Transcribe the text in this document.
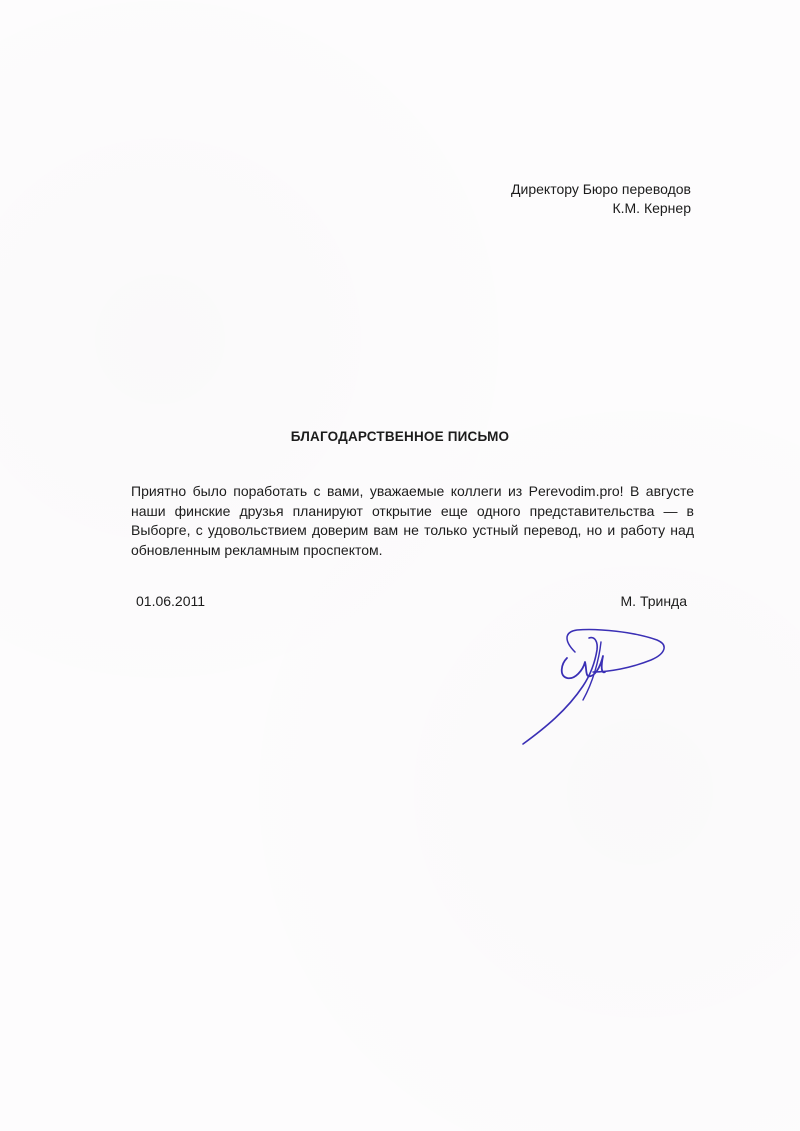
Директору Бюро переводов
К.М. Кернер
БЛАГОДАРСТВЕННОЕ ПИСЬМО
Приятно было поработать с вами, уважаемые коллеги из Perevodim.pro! В августе наши финские друзья планируют открытие еще одного представительства — в Выборге, с удовольствием доверим вам не только устный перевод, но и работу над обновленным рекламным проспектом.
01.06.2011	М. Тринда
